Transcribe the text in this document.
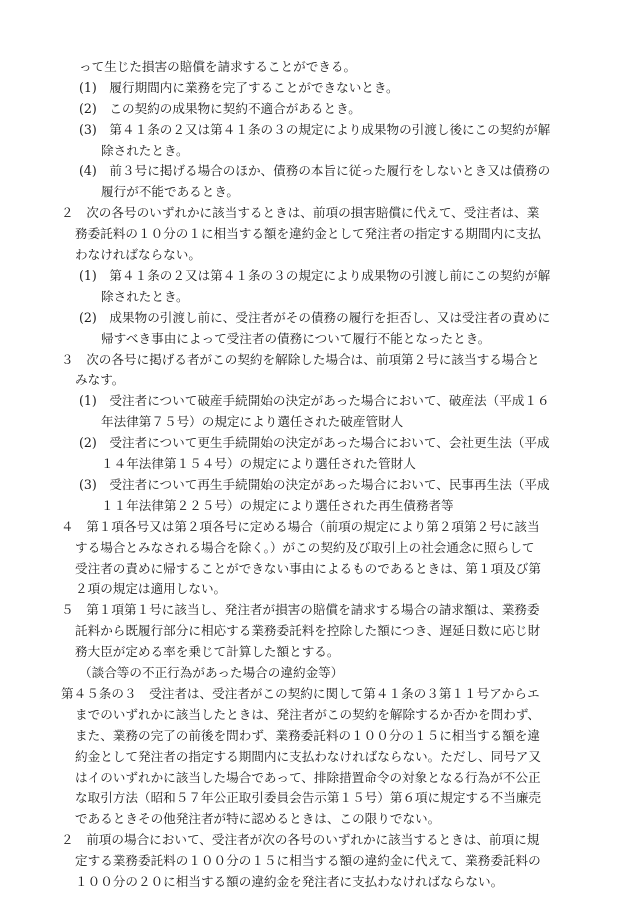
って生じた損害の賠償を請求することができる。
(1)　履行期間内に業務を完了することができないとき。
(2)　この契約の成果物に契約不適合があるとき。
(3)　第４１条の２又は第４１条の３の規定により成果物の引渡し後にこの契約が解
除されたとき。
(4)　前３号に掲げる場合のほか、債務の本旨に従った履行をしないとき又は債務の
履行が不能であるとき。
２　次の各号のいずれかに該当するときは、前項の損害賠償に代えて、受注者は、業
務委託料の１０分の１に相当する額を違約金として発注者の指定する期間内に支払
わなければならない。
(1)　第４１条の２又は第４１条の３の規定により成果物の引渡し前にこの契約が解
除されたとき。
(2)　成果物の引渡し前に、受注者がその債務の履行を拒否し、又は受注者の責めに
帰すべき事由によって受注者の債務について履行不能となったとき。
３　次の各号に掲げる者がこの契約を解除した場合は、前項第２号に該当する場合と
みなす。
(1)　受注者について破産手続開始の決定があった場合において、破産法（平成１６
年法律第７５号）の規定により選任された破産管財人
(2)　受注者について更生手続開始の決定があった場合において、会社更生法（平成
１４年法律第１５４号）の規定により選任された管財人
(3)　受注者について再生手続開始の決定があった場合において、民事再生法（平成
１１年法律第２２５号）の規定により選任された再生債務者等
４　第１項各号又は第２項各号に定める場合（前項の規定により第２項第２号に該当
する場合とみなされる場合を除く。）がこの契約及び取引上の社会通念に照らして
受注者の責めに帰することができない事由によるものであるときは、第１項及び第
２項の規定は適用しない。
５　第１項第１号に該当し、発注者が損害の賠償を請求する場合の請求額は、業務委
託料から既履行部分に相応する業務委託料を控除した額につき、遅延日数に応じ財
務大臣が定める率を乗じて計算した額とする。
（談合等の不正行為があった場合の違約金等）
第４５条の３　受注者は、受注者がこの契約に関して第４１条の３第１１号アからエ
までのいずれかに該当したときは、発注者がこの契約を解除するか否かを問わず、
また、業務の完了の前後を問わず、業務委託料の１００分の１５に相当する額を違
約金として発注者の指定する期間内に支払わなければならない。ただし、同号ア又
はイのいずれかに該当した場合であって、排除措置命令の対象となる行為が不公正
な取引方法（昭和５７年公正取引委員会告示第１５号）第６項に規定する不当廉売
であるときその他発注者が特に認めるときは、この限りでない。
２　前項の場合において、受注者が次の各号のいずれかに該当するときは、前項に規
定する業務委託料の１００分の１５に相当する額の違約金に代えて、業務委託料の
１００分の２０に相当する額の違約金を発注者に支払わなければならない。
